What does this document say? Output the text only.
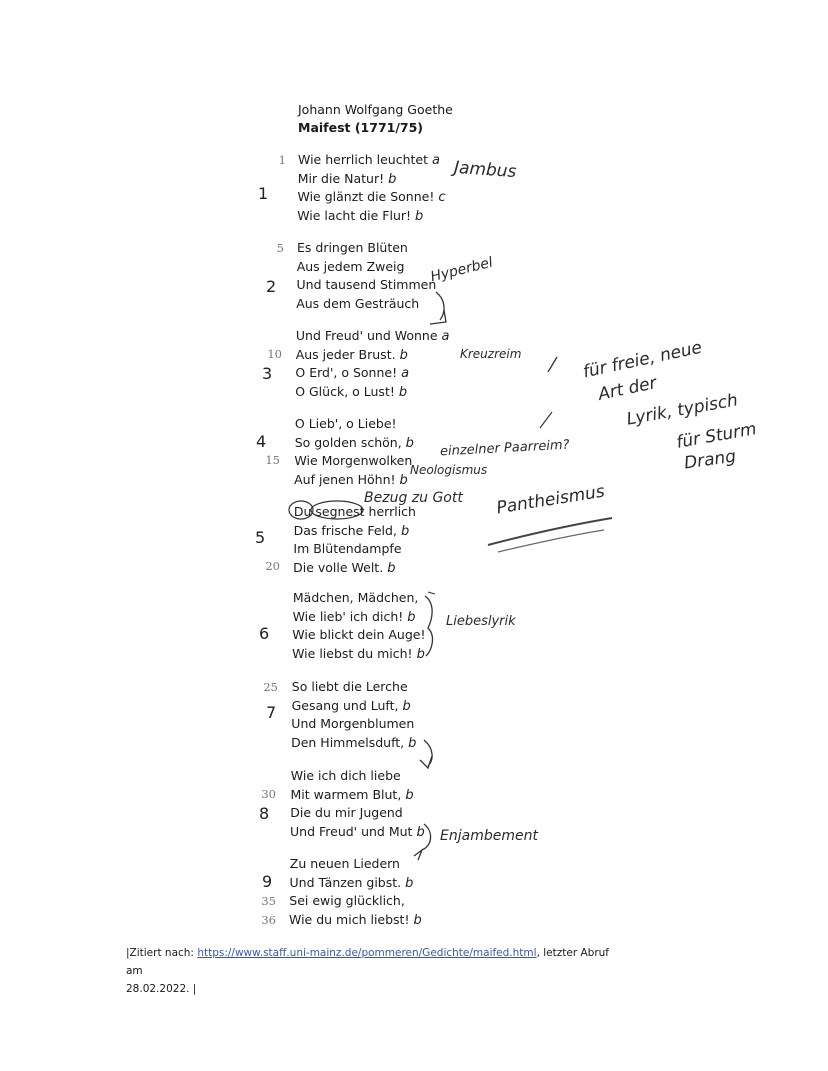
Johann Wolfgang Goethe
Maifest (1771/75)
Wie herrlich leuchtet a
Mir die Natur! b
Wie glänzt die Sonne! c
Wie lacht die Flur! b
Es dringen Blüten
Aus jedem Zweig
Und tausend Stimmen
Aus dem Gesträuch
Und Freud' und Wonne a
Aus jeder Brust. b
O Erd', o Sonne! a
O Glück, o Lust! b
O Lieb', o Liebe!
So golden schön, b
Wie Morgenwolken
Auf jenen Höhn! b
Du segnest herrlich
Das frische Feld, b
Im Blütendampfe
Die volle Welt. b
Mädchen, Mädchen,
Wie lieb' ich dich! b
Wie blickt dein Auge!
Wie liebst du mich! b
So liebt die Lerche
Gesang und Luft, b
Und Morgenblumen
Den Himmelsduft, b
Wie ich dich liebe
Mit warmem Blut, b
Die du mir Jugend
Und Freud' und Mut b
Zu neuen Liedern
Und Tänzen gibst. b
Sei ewig glücklich,
Wie du mich liebst! b
1
5
10
15
20
25
30
35
36
1
2
3
4
5
6
7
8
9
Jambus
Hyperbel
Kreuzreim
einzelner Paarreim?
Neologismus
Bezug zu Gott Pantheismus
Liebeslyrik
Enjambement
für freie, neue
Art der
Lyrik, typisch
für Sturm
Drang
|Zitiert nach: https://www.staff.uni-mainz.de/pommeren/Gedichte/maifed.html, letzter Abruf am
28.02.2022. |
